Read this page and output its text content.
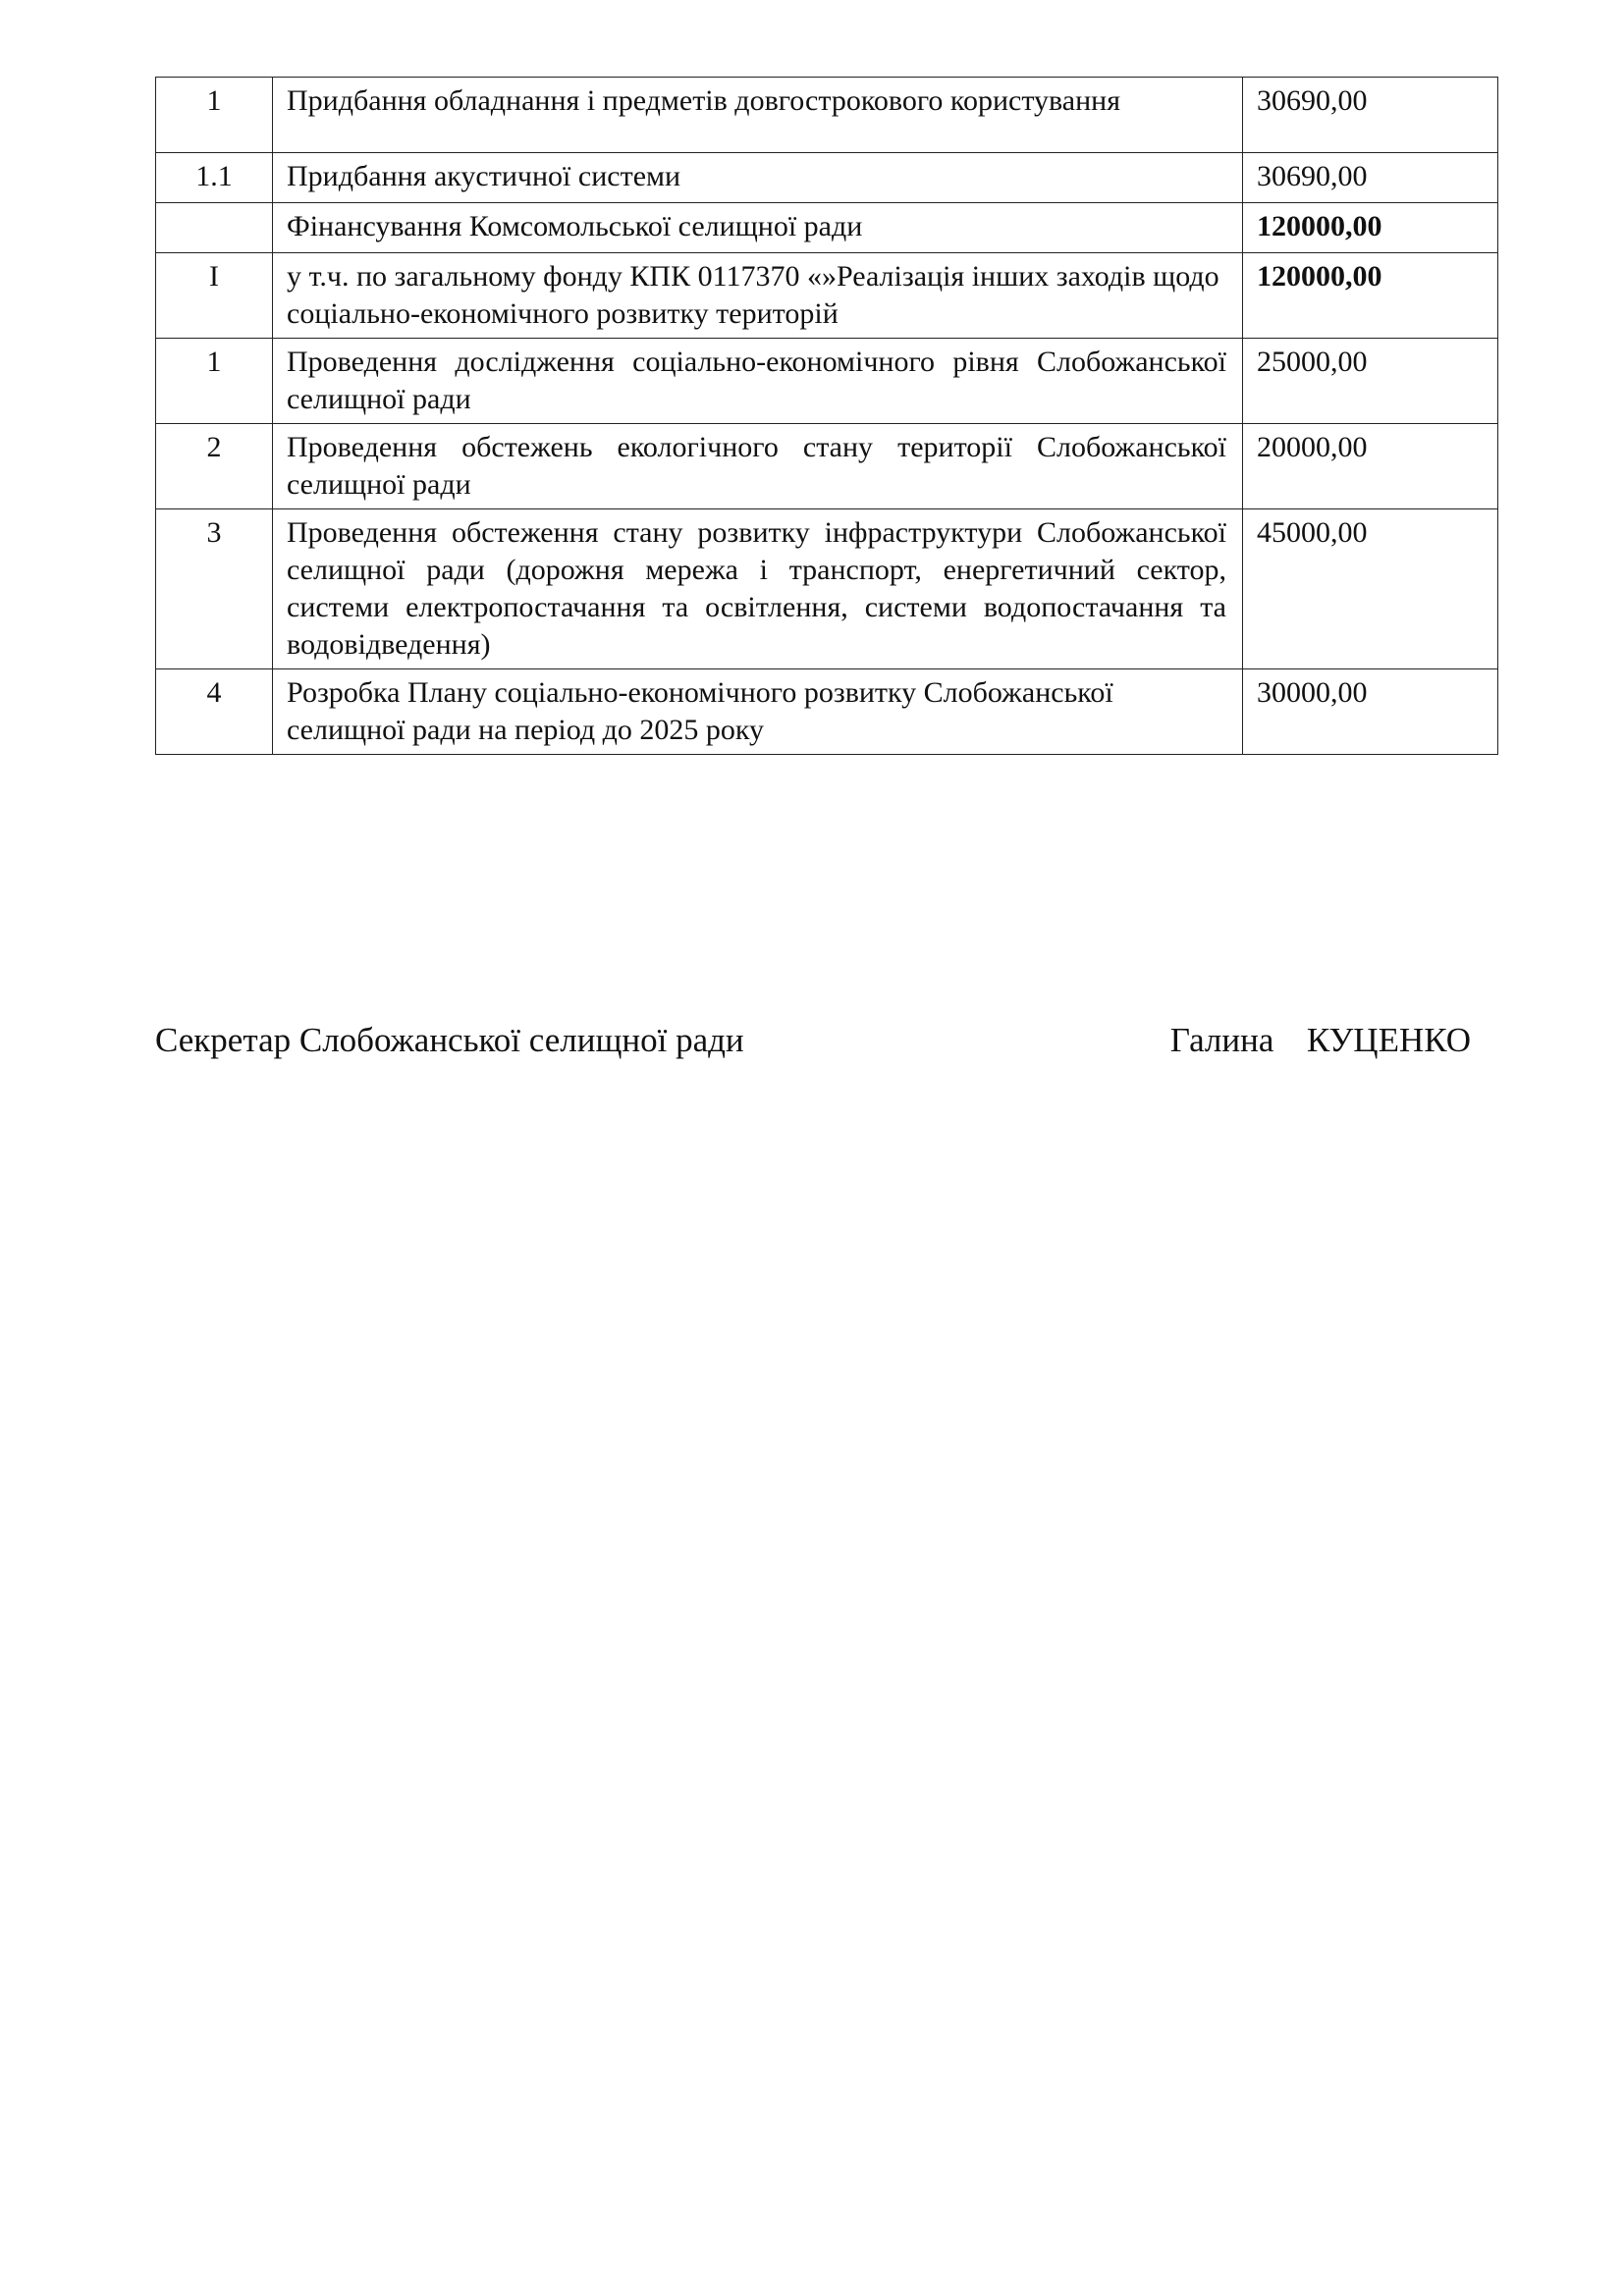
1	Придбання обладнання і предметів довгострокового користування	30690,00
1.1	Придбання акустичної системи	30690,00
	Фінансування Комсомольської селищної ради	120000,00
I	у т.ч. по загальному фонду КПК 0117370 «»Реалізація інших заходів щодо соціально-економічного розвитку територій	120000,00
1	Проведення дослідження соціально-економічного рівня Слобожанської селищної ради	25000,00
2	Проведення обстежень екологічного стану території Слобожанської селищної ради	20000,00
3	Проведення обстеження стану розвитку інфраструктури Слобожанської селищної ради (дорожня мережа і транспорт, енергетичний сектор, системи електропостачання та освітлення, системи водопостачання та водовідведення)	45000,00
4	Розробка Плану соціально-економічного розвитку Слобожанської селищної ради на період до 2025 року	30000,00
Секретар Слобожанської селищної ради	Галина  КУЦЕНКО
